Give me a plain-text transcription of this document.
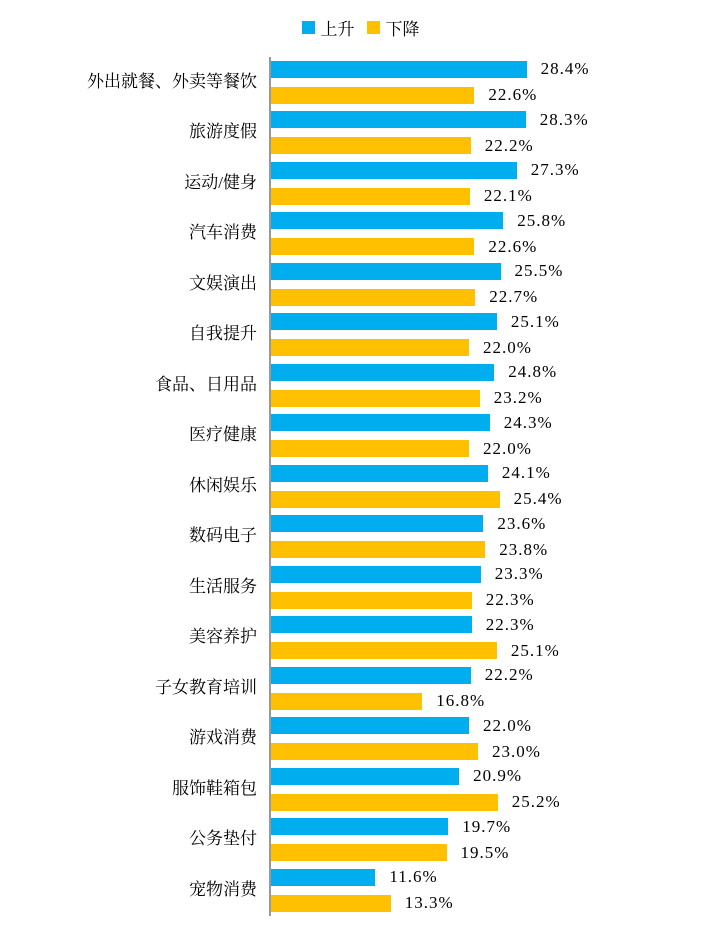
上升 下降
外出就餐、外卖等餐饮
28.4%
22.6%
旅游度假
28.3%
22.2%
运动/健身
27.3%
22.1%
汽车消费
25.8%
22.6%
文娱演出
25.5%
22.7%
自我提升
25.1%
22.0%
食品、日用品
24.8%
23.2%
医疗健康
24.3%
22.0%
休闲娱乐
24.1%
25.4%
数码电子
23.6%
23.8%
生活服务
23.3%
22.3%
美容养护
22.3%
25.1%
子女教育培训
22.2%
16.8%
游戏消费
22.0%
23.0%
服饰鞋箱包
20.9%
25.2%
公务垫付
19.7%
19.5%
宠物消费
11.6%
13.3%
